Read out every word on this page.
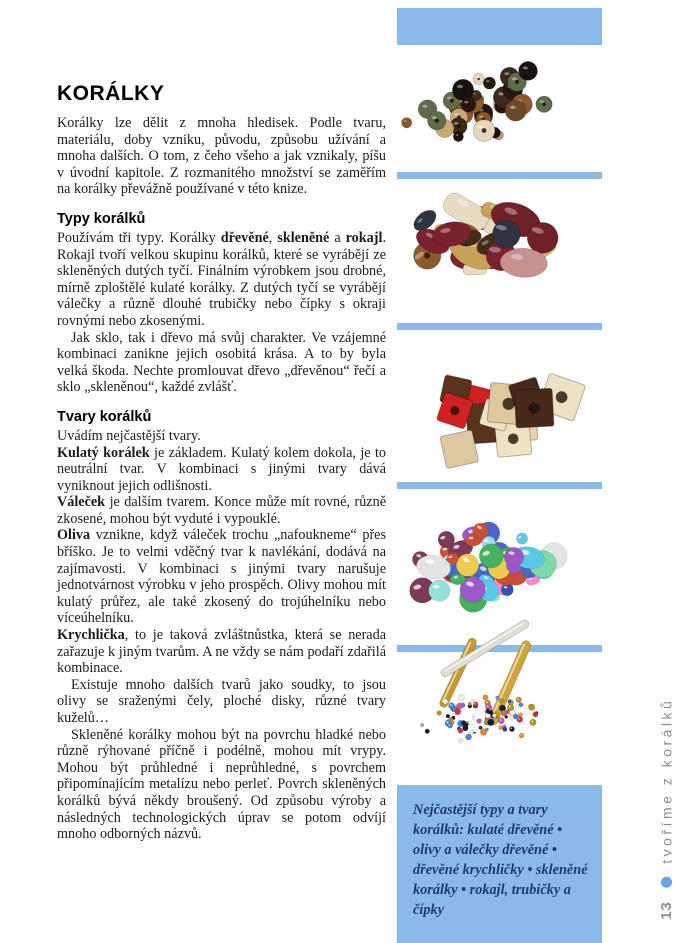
KORÁLKY

Korálky lze dělit z mnoha hledisek. Podle tvaru, materiálu, doby vzniku, původu, způsobu užívání a mnoha dalších. O tom, z čeho všeho a jak vznikaly, píšu v úvodní kapitole. Z rozmanitého množství se zaměřím na korálky převážně používané v této knize.

Typy korálků

Používám tři typy. Korálky dřevěné, skleněné a rokajl. Rokajl tvoří velkou skupinu korálků, které se vyrábějí ze skleněných dutých tyčí. Finálním výrobkem jsou drobné, mírně zploštělé kulaté korálky. Z dutých tyčí se vyrábějí válečky a různě dlouhé trubičky nebo čípky s okraji rovnými nebo zkosenými.

Jak sklo, tak i dřevo má svůj charakter. Ve vzájemné kombinaci zanikne jejich osobitá krása. A to by byla velká škoda. Nechte promlouvat dřevo „dřevěnou“ řečí a sklo „skleněnou“, každé zvlášť.

Tvary korálků

Uvádím nejčastější tvary.

Kulatý korálek je základem. Kulatý kolem dokola, je to neutrální tvar. V kombinaci s jinými tvary dává vyniknout jejich odlišnosti.

Váleček je dalším tvarem. Konce může mít rovné, různě zkosené, mohou být vyduté i vypouklé.

Oliva vznikne, když váleček trochu „nafoukneme“ přes bříško. Je to velmi vděčný tvar k navlékání, dodává na zajímavosti. V kombinaci s jinými tvary narušuje jednotvárnost výrobku v jeho prospěch. Olivy mohou mít kulatý průřez, ale také zkosený do trojúhelníku nebo víceúhelníku.

Krychlička, to je taková zvláštnůstka, která se nerada zařazuje k jiným tvarům. A ne vždy se nám podaří zdařilá kombinace.

Existuje mnoho dalších tvarů jako soudky, to jsou olivy se sraženými čely, ploché disky, různé tvary kuželů…

Skleněné korálky mohou být na povrchu hladké nebo různě rýhované příčně i podélně, mohou mít vrypy. Mohou být průhledné i neprůhledné, s povrchem připomínajícím metalízu nebo perleť. Povrch skleněných korálků bývá někdy broušený. Od způsobu výroby a následných technologických úprav se potom odvíjí mnoho odborných názvů.

Nejčastější typy a tvary korálků: kulaté dřevěné • olivy a válečky dřevěné • dřevěné krychličky • skleněné korálky • rokajl, trubičky a čípky	13
tvoříme z korálků
